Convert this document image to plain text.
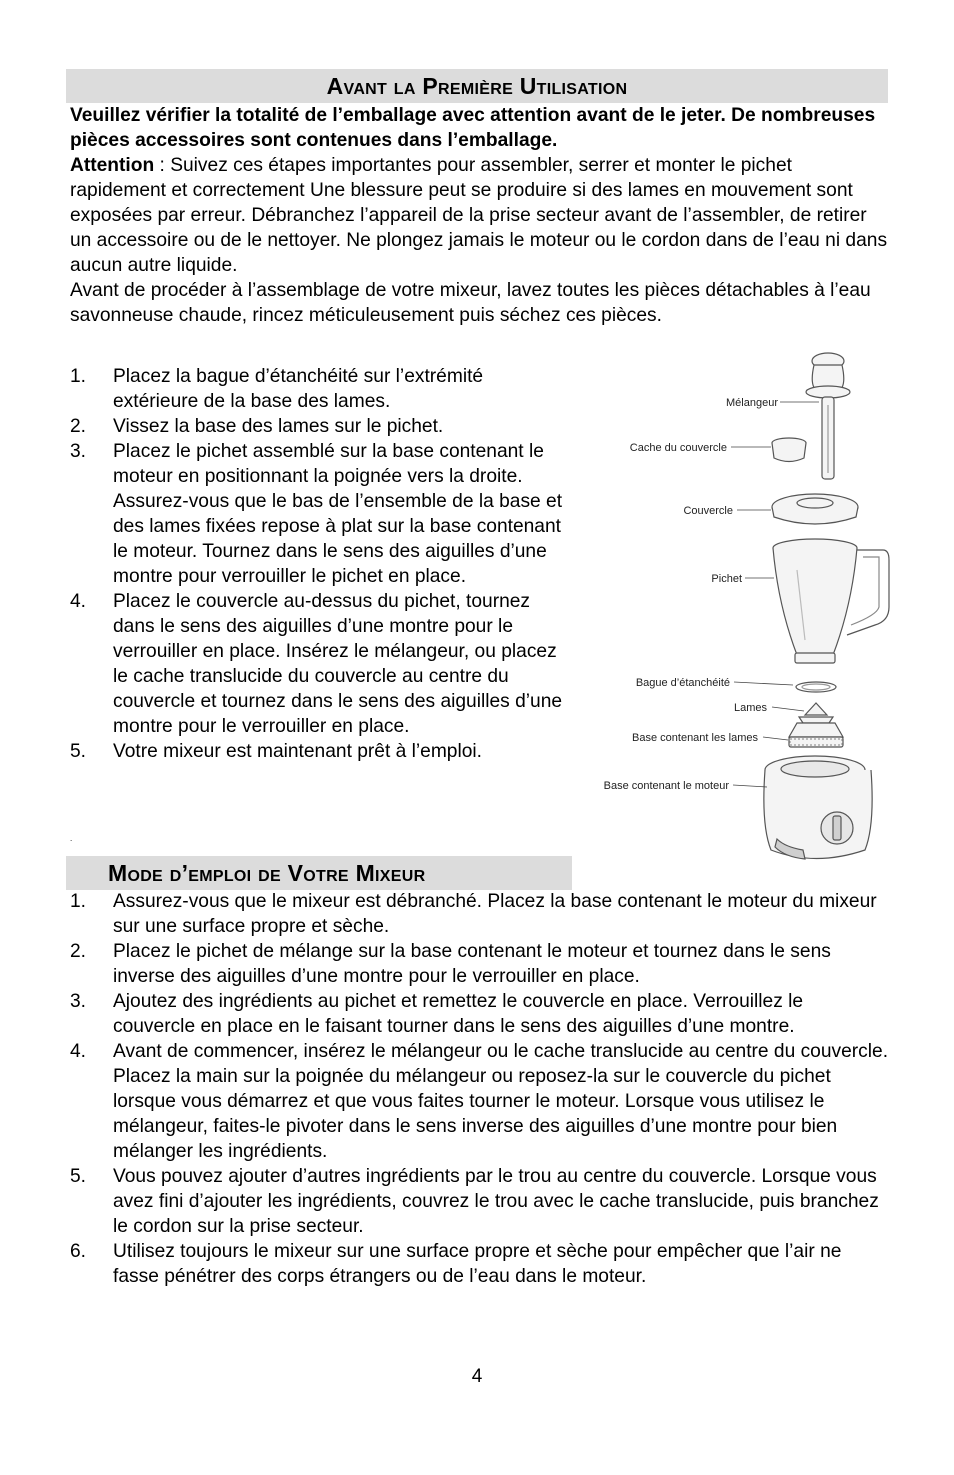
Avant la Première Utilisation

Veuillez vérifier la totalité de l’emballage avec attention avant de le jeter. De nombreuses pièces accessoires sont contenues dans l’emballage.

Attention : Suivez ces étapes importantes pour assembler, serrer et monter le pichet rapidement et correctement Une blessure peut se produire si des lames en mouvement sont exposées par erreur. Débranchez l’appareil de la prise secteur avant de l’assembler, de retirer un accessoire ou de le nettoyer. Ne plongez jamais le moteur ou le cordon dans de l’eau ni dans aucun autre liquide.

Avant de procéder à l’assemblage de votre mixeur, lavez toutes les pièces détachables à l’eau savonneuse chaude, rincez méticuleusement puis séchez ces pièces.

1. Placez la bague d’étanchéité sur l’extrémité extérieure de la base des lames.
2. Vissez la base des lames sur le pichet.
3. Placez le pichet assemblé sur la base contenant le moteur en positionnant la poignée vers la droite. Assurez-vous que le bas de l’ensemble de la base et des lames fixées repose à plat sur la base contenant le moteur. Tournez dans le sens des aiguilles d’une montre pour verrouiller le pichet en place.
4. Placez le couvercle au-dessus du pichet, tournez dans le sens des aiguilles d’une montre pour le verrouiller en place. Insérez le mélangeur, ou placez le cache translucide du couvercle au centre du couvercle et tournez dans le sens des aiguilles d’une montre pour le verrouiller en place.
5. Votre mixeur est maintenant prêt à l’emploi.
.
Mélangeur
Cache du couvercle
Couvercle
Pichet
Bague d’étanchéité
Lames
Base contenant les lames
Base contenant le moteur
Mode d’emploi de Votre Mixeur
1. Assurez-vous que le mixeur est débranché. Placez la base contenant le moteur du mixeur sur une surface propre et sèche.
2. Placez le pichet de mélange sur la base contenant le moteur et tournez dans le sens inverse des aiguilles d’une montre pour le verrouiller en place.
3. Ajoutez des ingrédients au pichet et remettez le couvercle en place. Verrouillez le couvercle en place en le faisant tourner dans le sens des aiguilles d’une montre.
4. Avant de commencer, insérez le mélangeur ou le cache translucide au centre du couvercle. Placez la main sur la poignée du mélangeur ou reposez-la sur le couvercle du pichet lorsque vous démarrez et que vous faites tourner le moteur. Lorsque vous utilisez le mélangeur, faites-le pivoter dans le sens inverse des aiguilles d’une montre pour bien mélanger les ingrédients.
5. Vous pouvez ajouter d’autres ingrédients par le trou au centre du couvercle. Lorsque vous avez fini d’ajouter les ingrédients, couvrez le trou avec le cache translucide, puis branchez le cordon sur la prise secteur.
6. Utilisez toujours le mixeur sur une surface propre et sèche pour empêcher que l’air ne fasse pénétrer des corps étrangers ou de l’eau dans le moteur.
4
